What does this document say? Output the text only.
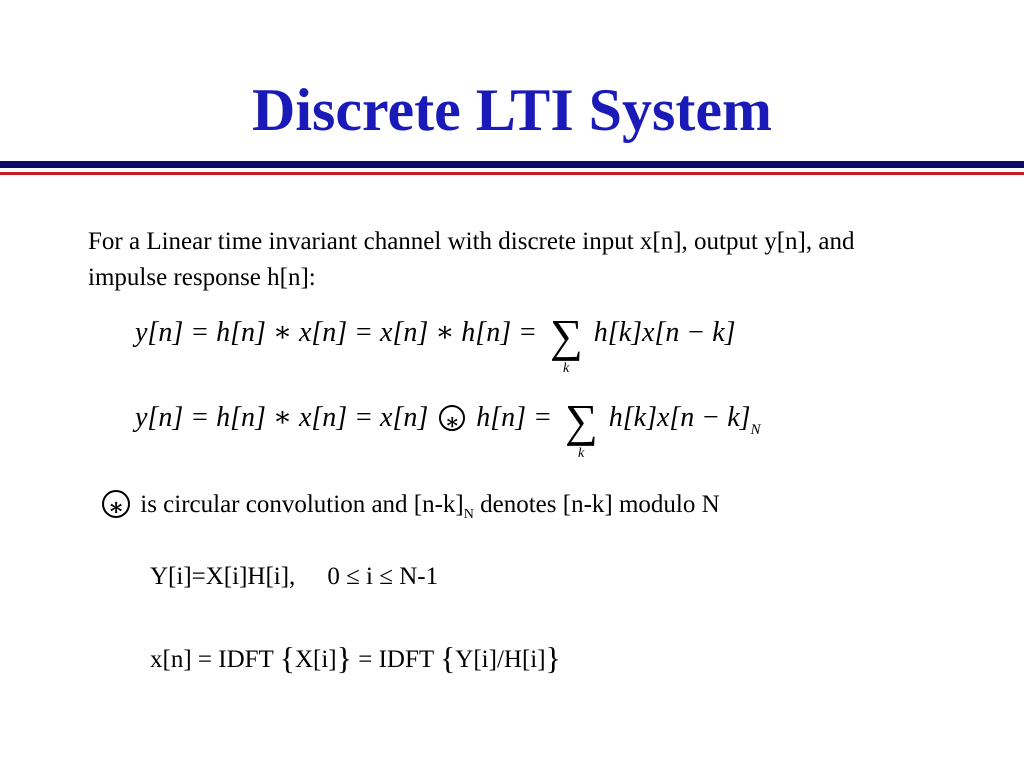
Discrete LTI System

For a Linear time invariant channel with discrete input x[n], output y[n], and impulse response h[n]:

y[n] = h[n] ∗ x[n] = x[n] ∗ h[n] = ∑
k
h[k]x[n − k]
y[n] = h[n] ∗ x[n] = x[n] ∗ h[n] = ∑
k
$h[k]x[n - k]_N$
∗ is circular convolution and $[n-k]_N$ denotes [n-k] modulo N
Y[i]=X[i]H[i], 0 ≤ i ≤ N-1
x[n] = IDFT {X[i]} = IDFT {Y[i]/H[i]}
